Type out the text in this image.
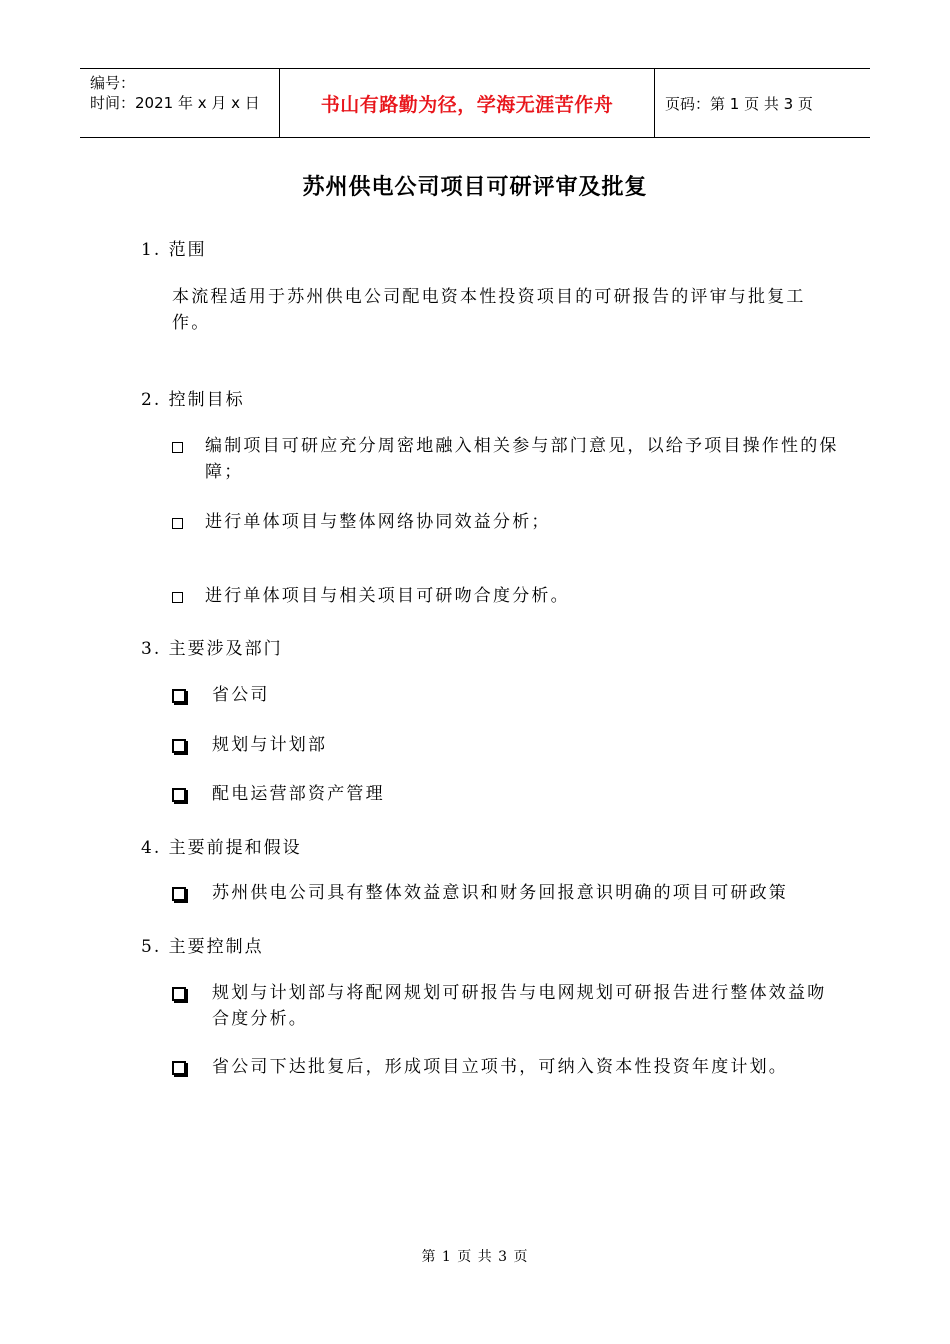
编号：
时间：2021 年 x 月 x 日	书山有路勤为径，学海无涯苦作舟	页码：第 1 页 共 3 页
苏州供电公司项目可研评审及批复
1. 范围
本流程适用于苏州供电公司配电资本性投资项目的可研报告的评审与批复工作。
2. 控制目标
编制项目可研应充分周密地融入相关参与部门意见，以给予项目操作性的保障；
进行单体项目与整体网络协同效益分析；
进行单体项目与相关项目可研吻合度分析。
3. 主要涉及部门
省公司
规划与计划部
配电运营部资产管理
4. 主要前提和假设
苏州供电公司具有整体效益意识和财务回报意识明确的项目可研政策
5. 主要控制点
规划与计划部与将配网规划可研报告与电网规划可研报告进行整体效益吻合度分析。
省公司下达批复后，形成项目立项书，可纳入资本性投资年度计划。
第 1 页 共 3 页
